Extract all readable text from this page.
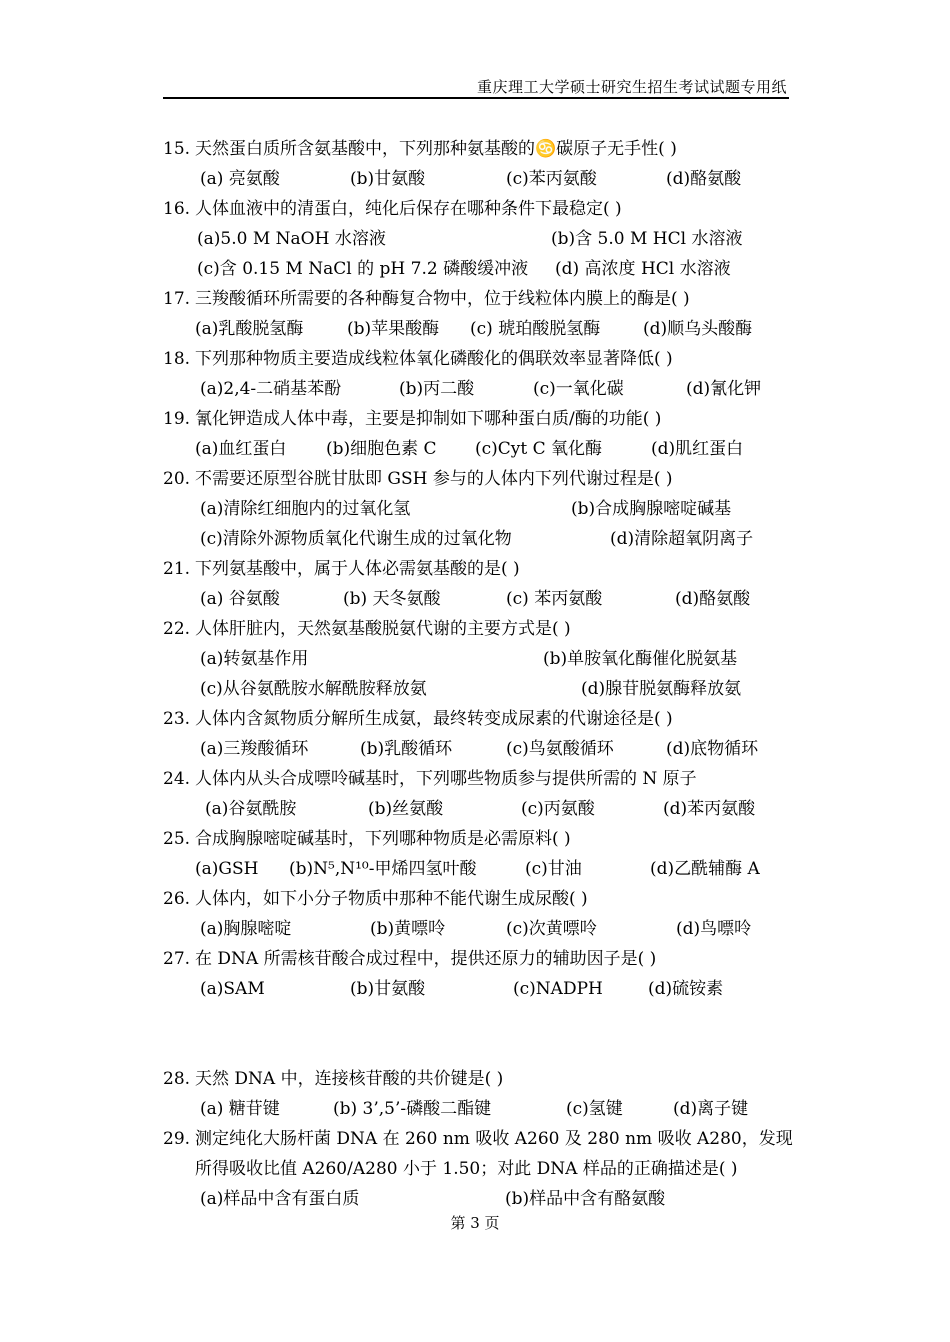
重庆理工大学硕士研究生招生考试试题专用纸
15. 天然蛋白质所含氨基酸中，下列那种氨基酸的♋碳原子无手性( )
(a) 亮氨酸	(b)甘氨酸	(c)苯丙氨酸	(d)酪氨酸
16. 人体血液中的清蛋白，纯化后保存在哪种条件下最稳定( )
(a)5.0 M NaOH 水溶液	(b)含 5.0 M HCl 水溶液
(c)含 0.15 M NaCl 的 pH 7.2 磷酸缓冲液 (d) 高浓度 HCl 水溶液
17. 三羧酸循环所需要的各种酶复合物中，位于线粒体内膜上的酶是( )
(a)乳酸脱氢酶	(b)苹果酸酶 (c) 琥珀酸脱氢酶	(d)顺乌头酸酶
18. 下列那种物质主要造成线粒体氧化磷酸化的偶联效率显著降低( )
(a)2,4-二硝基苯酚	(b)丙二酸	(c)一氧化碳	(d)氰化钾
19. 氰化钾造成人体中毒，主要是抑制如下哪种蛋白质/酶的功能( )
(a)血红蛋白 (b)细胞色素 C (c)Cyt C 氧化酶	(d)肌红蛋白
20. 不需要还原型谷胱甘肽即 GSH 参与的人体内下列代谢过程是( )
(a)清除红细胞内的过氧化氢	(b)合成胸腺嘧啶碱基
(c)清除外源物质氧化代谢生成的过氧化物	(d)清除超氧阴离子
21. 下列氨基酸中，属于人体必需氨基酸的是( )
(a) 谷氨酸	(b) 天冬氨酸	(c) 苯丙氨酸	(d)酪氨酸
22. 人体肝脏内，天然氨基酸脱氨代谢的主要方式是( )
(a)转氨基作用	(b)单胺氧化酶催化脱氨基
(c)从谷氨酰胺水解酰胺释放氨	(d)腺苷脱氨酶释放氨
23. 人体内含氮物质分解所生成氨，最终转变成尿素的代谢途径是( )
(a)三羧酸循环	(b)乳酸循环	(c)鸟氨酸循环	(d)底物循环
24. 人体内从头合成嘌呤碱基时，下列哪些物质参与提供所需的 N 原子
(a)谷氨酰胺	(b)丝氨酸	(c)丙氨酸	(d)苯丙氨酸
25. 合成胸腺嘧啶碱基时，下列哪种物质是必需原料( )
(a)GSH (b)N⁵,N¹⁰-甲烯四氢叶酸	(c)甘油	(d)乙酰辅酶 A
26. 人体内，如下小分子物质中那种不能代谢生成尿酸( )
(a)胸腺嘧啶	(b)黄嘌呤	(c)次黄嘌呤	(d)鸟嘌呤
27. 在 DNA 所需核苷酸合成过程中，提供还原力的辅助因子是( )
(a)SAM	(b)甘氨酸	(c)NADPH	(d)硫铵素
28. 天然 DNA 中，连接核苷酸的共价键是( )
(a) 糖苷键	(b) 3’,5’-磷酸二酯键	(c)氢键	(d)离子键
29. 测定纯化大肠杆菌 DNA 在 260 nm 吸收 A260 及 280 nm 吸收 A280，发现
所得吸收比值 A260/A280 小于 1.50；对此 DNA 样品的正确描述是( )
(a)样品中含有蛋白质	(b)样品中含有酪氨酸
第 3 页
